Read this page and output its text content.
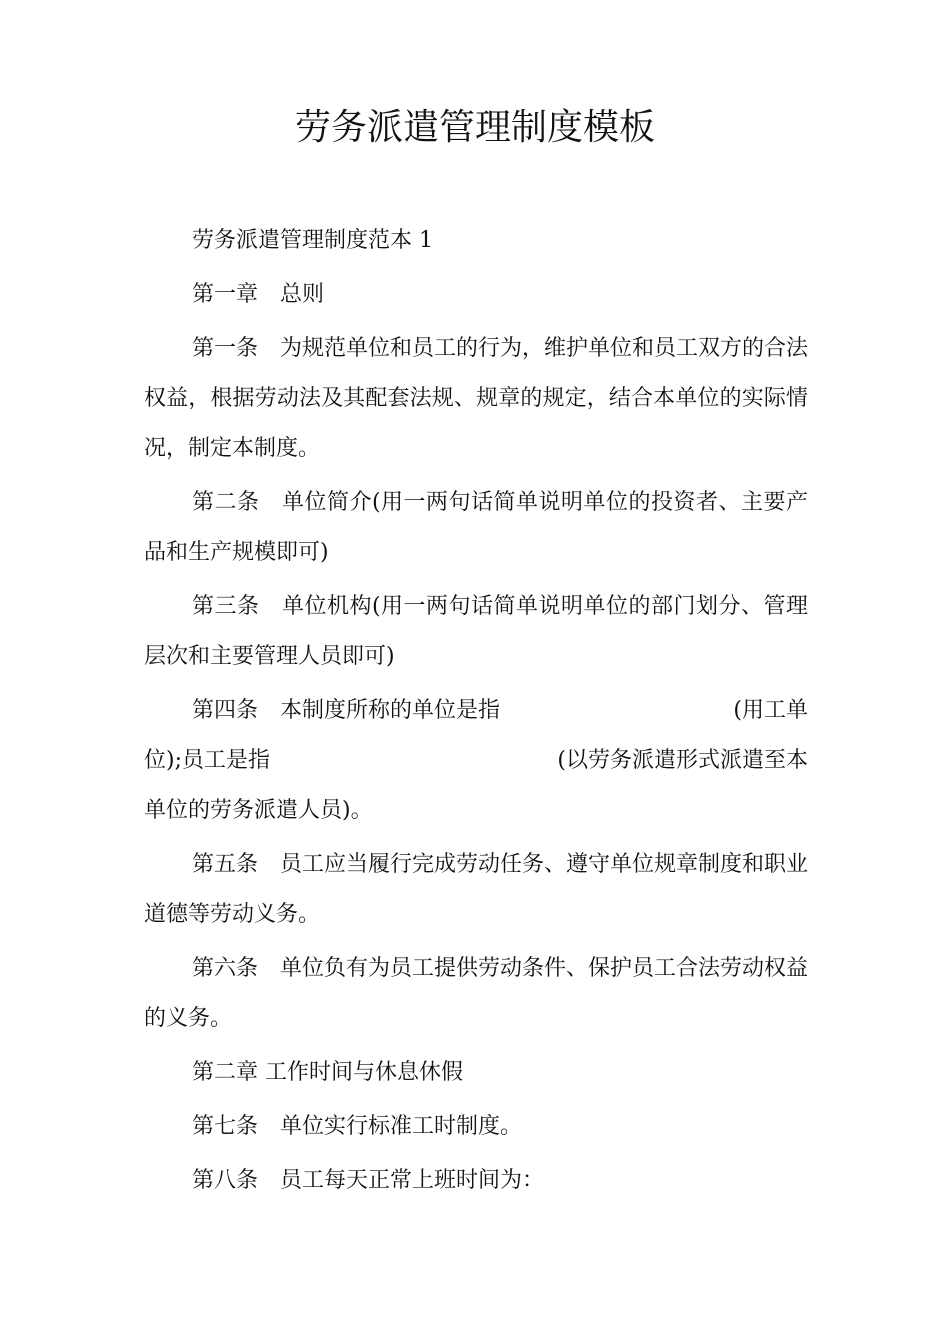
劳务派遣管理制度模板

劳务派遣管理制度范本 1

第一章　总则

第一条　为规范单位和员工的行为，维护单位和员工双方的合法权益，根据劳动法及其配套法规、规章的规定，结合本单位的实际情况，制定本制度。

第二条　单位简介(用一两句话简单说明单位的投资者、主要产品和生产规模即可)

第三条　单位机构(用一两句话简单说明单位的部门划分、管理层次和主要管理人员即可)

第四条　本制度所称的单位是指	(用工单
位);员工是指	(以劳务派遣形式派遣至本
单位的劳务派遣人员)。

第五条　员工应当履行完成劳动任务、遵守单位规章制度和职业道德等劳动义务。

第六条　单位负有为员工提供劳动条件、保护员工合法劳动权益的义务。

第二章 工作时间与休息休假

第七条　单位实行标准工时制度。

第八条　员工每天正常上班时间为：
